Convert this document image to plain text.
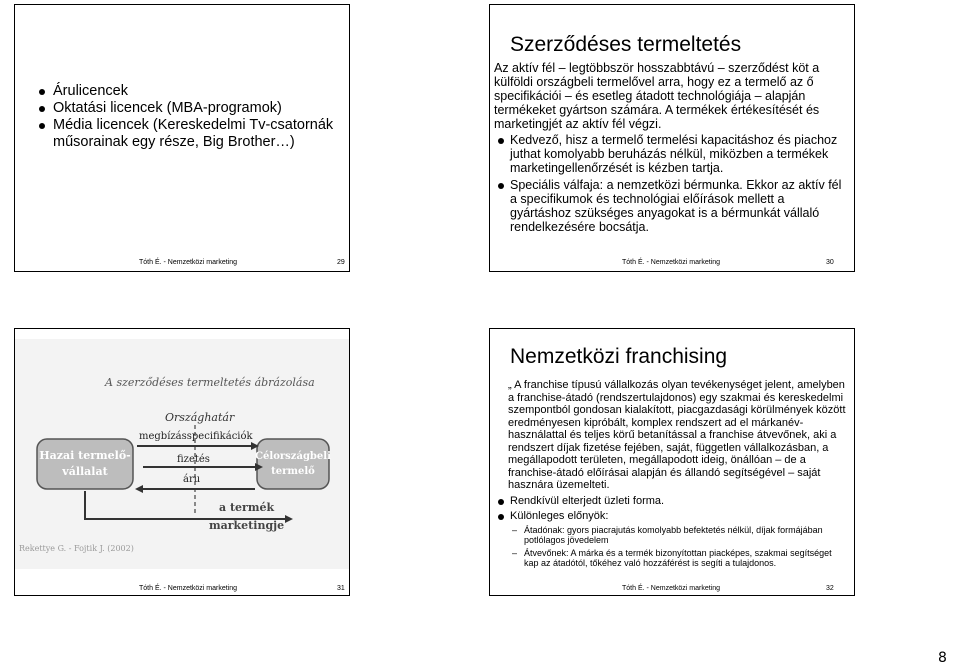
Árulicencek
Oktatási licencek (MBA-programok)
Média licencek (Kereskedelmi Tv-csatornák műsorainak egy része, Big Brother…)
Tóth É. - Nemzetközi marketing	29
Szerződéses termeltetés

Az aktív fél – legtöbbször hosszabbtávú – szerződést köt a külföldi országbeli termelővel arra, hogy ez a termelő az ő specifikációi – és esetleg átadott technológiája – alapján termékeket gyártson számára. A termékek értékesítését és marketingjét az aktív fél végzi.

Kedvező, hisz a termelő termelési kapacitáshoz és piachoz juthat komolyabb beruházás nélkül, miközben a termékek marketingellenőrzését is kézben tartja.
Speciális válfaja: a nemzetközi bérmunka. Ekkor az aktív fél a specifikumok és technológiai előírások mellett a gyártáshoz szükséges anyagokat is a bérmunkát vállaló rendelkezésére bocsátja.
Tóth É. - Nemzetközi marketing	30
A szerződéses termeltetés ábrázolása
Országhatár
Hazai termelő-
vállalat
Célországbeli
termelő
megbízásspecifikációk
fizetés
áru
a termék
marketingje
Rekettye G. - Fojtik J. (2002)
Tóth É. - Nemzetközi marketing	31
Nemzetközi franchising

„ A franchise típusú vállalkozás olyan tevékenységet jelent, amelyben a franchise-átadó (rendszertulajdonos) egy szakmai és kereskedelmi szempontból gondosan kialakított, piacgazdasági körülmények között eredményesen kipróbált, komplex rendszert ad el márkanév-használattal és teljes körű betanítással a franchise átvevőnek, aki a rendszert díjak fizetése fejében, saját, független vállalkozásban, a megállapodott területen, megállapodott ideig, önállóan – de a franchise-átadó előírásai alapján és állandó segítségével – saját hasznára üzemelteti.

Rendkívül elterjedt üzleti forma.
Különleges előnyök:
– Átadónak: gyors piacrajutás komolyabb befektetés nélkül, díjak formájában potlólagos jövedelem
– Átvevőnek: A márka és a termék bizonyítottan piacképes, szakmai segítséget kap az átadótól, tőkéhez való hozzáférést is segíti a tulajdonos.
Tóth É. - Nemzetközi marketing	32
8
